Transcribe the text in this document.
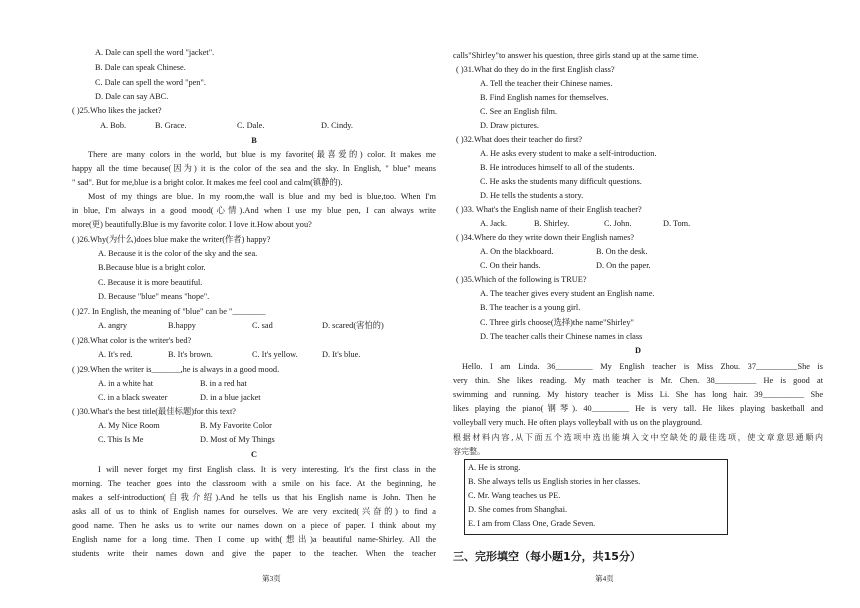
A. Dale can spell the word "jacket".
B. Dale can speak Chinese.
C. Dale can spell the word "pen".
D. Dale can say ABC.
( )25.Who likes the jacket?
A. Bob.	B. Grace.	C. Dale.	D. Cindy.
B
There are many colors in the world, but blue is my favorite(最喜爱的) color. It makes me
happy all the time because(因为) it is the color of the sea and the sky. In English, " blue" means
" sad". But for me,blue is a bright color. It makes me feel cool and calm(镇静的).
Most of my things are blue. In my room,the wall is blue and my bed is blue,too. When I'm
in blue, I'm always in a good mood(心情).And when I use my blue pen, I can always write
more(更) beautifully.Blue is my favorite color. I love it.How about you?
( )26.Why(为什么)does blue make the writer(作者) happy?
A. Because it is the color of the sky and the sea.
B.Because blue is a bright color.
C. Because it is more beautiful.
D. Because "blue" means "hope".
( )27. In English, the meaning of "blue" can be "________
A. angry	B.happy	C. sad	D. scared(害怕的)
( )28.What color is the writer's bed?
A. It's red.	B. It's brown.	C. It's yellow.	D. It's blue.
( )29.When the writer is_______,he is always in a good mood.
A. in a white hat	B. in a red hat
C. in a black sweater	D. in a blue jacket
( )30.What's the best title(最佳标题)for this text?
A. My Nice Room	B. My Favorite Color
C. This Is Me	D. Most of My Things
C
I will never forget my first English class. It is very interesting. It's the first class in the
morning. The teacher goes into the classroom with a smile on his face. At the beginning, he
makes a self-introduction(自我介绍).And he tells us that his English name is John. Then he
asks all of us to think of English names for ourselves. We are very excited(兴奋的) to find a
good name. Then he asks us to write our names down on a piece of paper. I think about my
English name for a long time. Then I come up with(想出)a beautiful name-Shirley. All the
students write their names down and give the paper to the teacher. When the teacher
第3页
calls"Shirley"to answer his question, three girls stand up at the same time.
( )31.What do they do in the first English class?
A. Tell the teacher their Chinese names.
B. Find English names for themselves.
C. See an English film.
D. Draw pictures.
( )32.What does their teacher do first?
A. He asks every student to make a self-introduction.
B. He introduces himself to all of the students.
C. He asks the students many difficult questions.
D. He tells the students a story.
( )33. What's the English name of their English teacher?
A. Jack.	B. Shirley.	C. John.	D. Tom.
( )34.Where do they write down their English names?
A. On the blackboard.	B. On the desk.
C. On their hands.	D. On the paper.
( )35.Which of the following is TRUE?
A. The teacher gives every student an English name.
B. The teacher is a young girl.
C. Three girls choose(选择)the name"Shirley"
D. The teacher calls their Chinese names in class
D
Hello. I am Linda. 36_________ My English teacher is Miss Zhou. 37__________She is
very thin. She likes reading. My math teacher is Mr. Chen. 38__________ He is good at
swimming and running. My history teacher is Miss Li. She has long hair. 39__________ She
likes playing the piano(钢琴). 40_________ He is very tall. He likes playing basketball and
volleyball very much. He often plays volleyball with us on the playground.
根据材料内容,从下面五个选项中选出能填入文中空缺处的最佳选项，使文章意思通顺内
容完整。
A. He is strong.
B. She always tells us English stories in her classes.
C. Mr. Wang teaches us PE.
D. She comes from Shanghai.
E. I am from Class One, Grade Seven.
三、完形填空（每小题1分，共15分）
第4页
